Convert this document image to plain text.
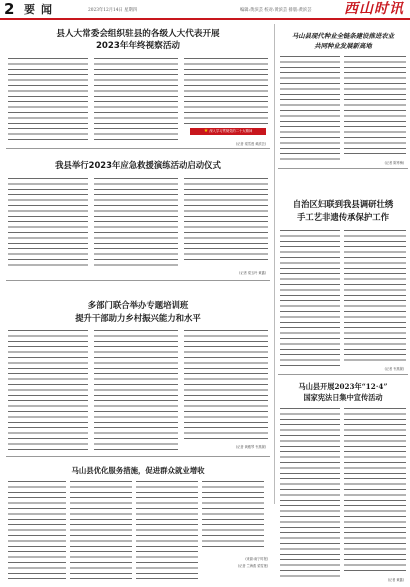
2 要闻	2023年12月14日 星期四	编辑:黄滨芸 校对:黄滨芸 排版:黄滨芸 西山时讯
县人大常委会组织驻县的各级人大代表开展
2023年年终视察活动
★ 深入学习贯彻党的二十大精神
(记者 梁雪莲 黄滨芸)
我县举行2023年应急救援演练活动启动仪式
(记者 梁玉玲 黄鑫)
多部门联合举办专题培训班
提升干部助力乡村振兴能力和水平
(记者 黄雅琴 韦燕妮)
马山县优化服务措施，促进群众就业增收
(来源:南宁时报)
(记者 兰海燕 梁雪莲)
马山县现代种业全链条建设推进农业
共同种业发展新高地
(记者 陈秀梅)
自治区妇联到我县调研壮绣
手工艺非遗传承保护工作
(记者 韦燕妮)
马山县开展2023年“12·4”
国家宪法日集中宣传活动
(记者 黄鑫)
